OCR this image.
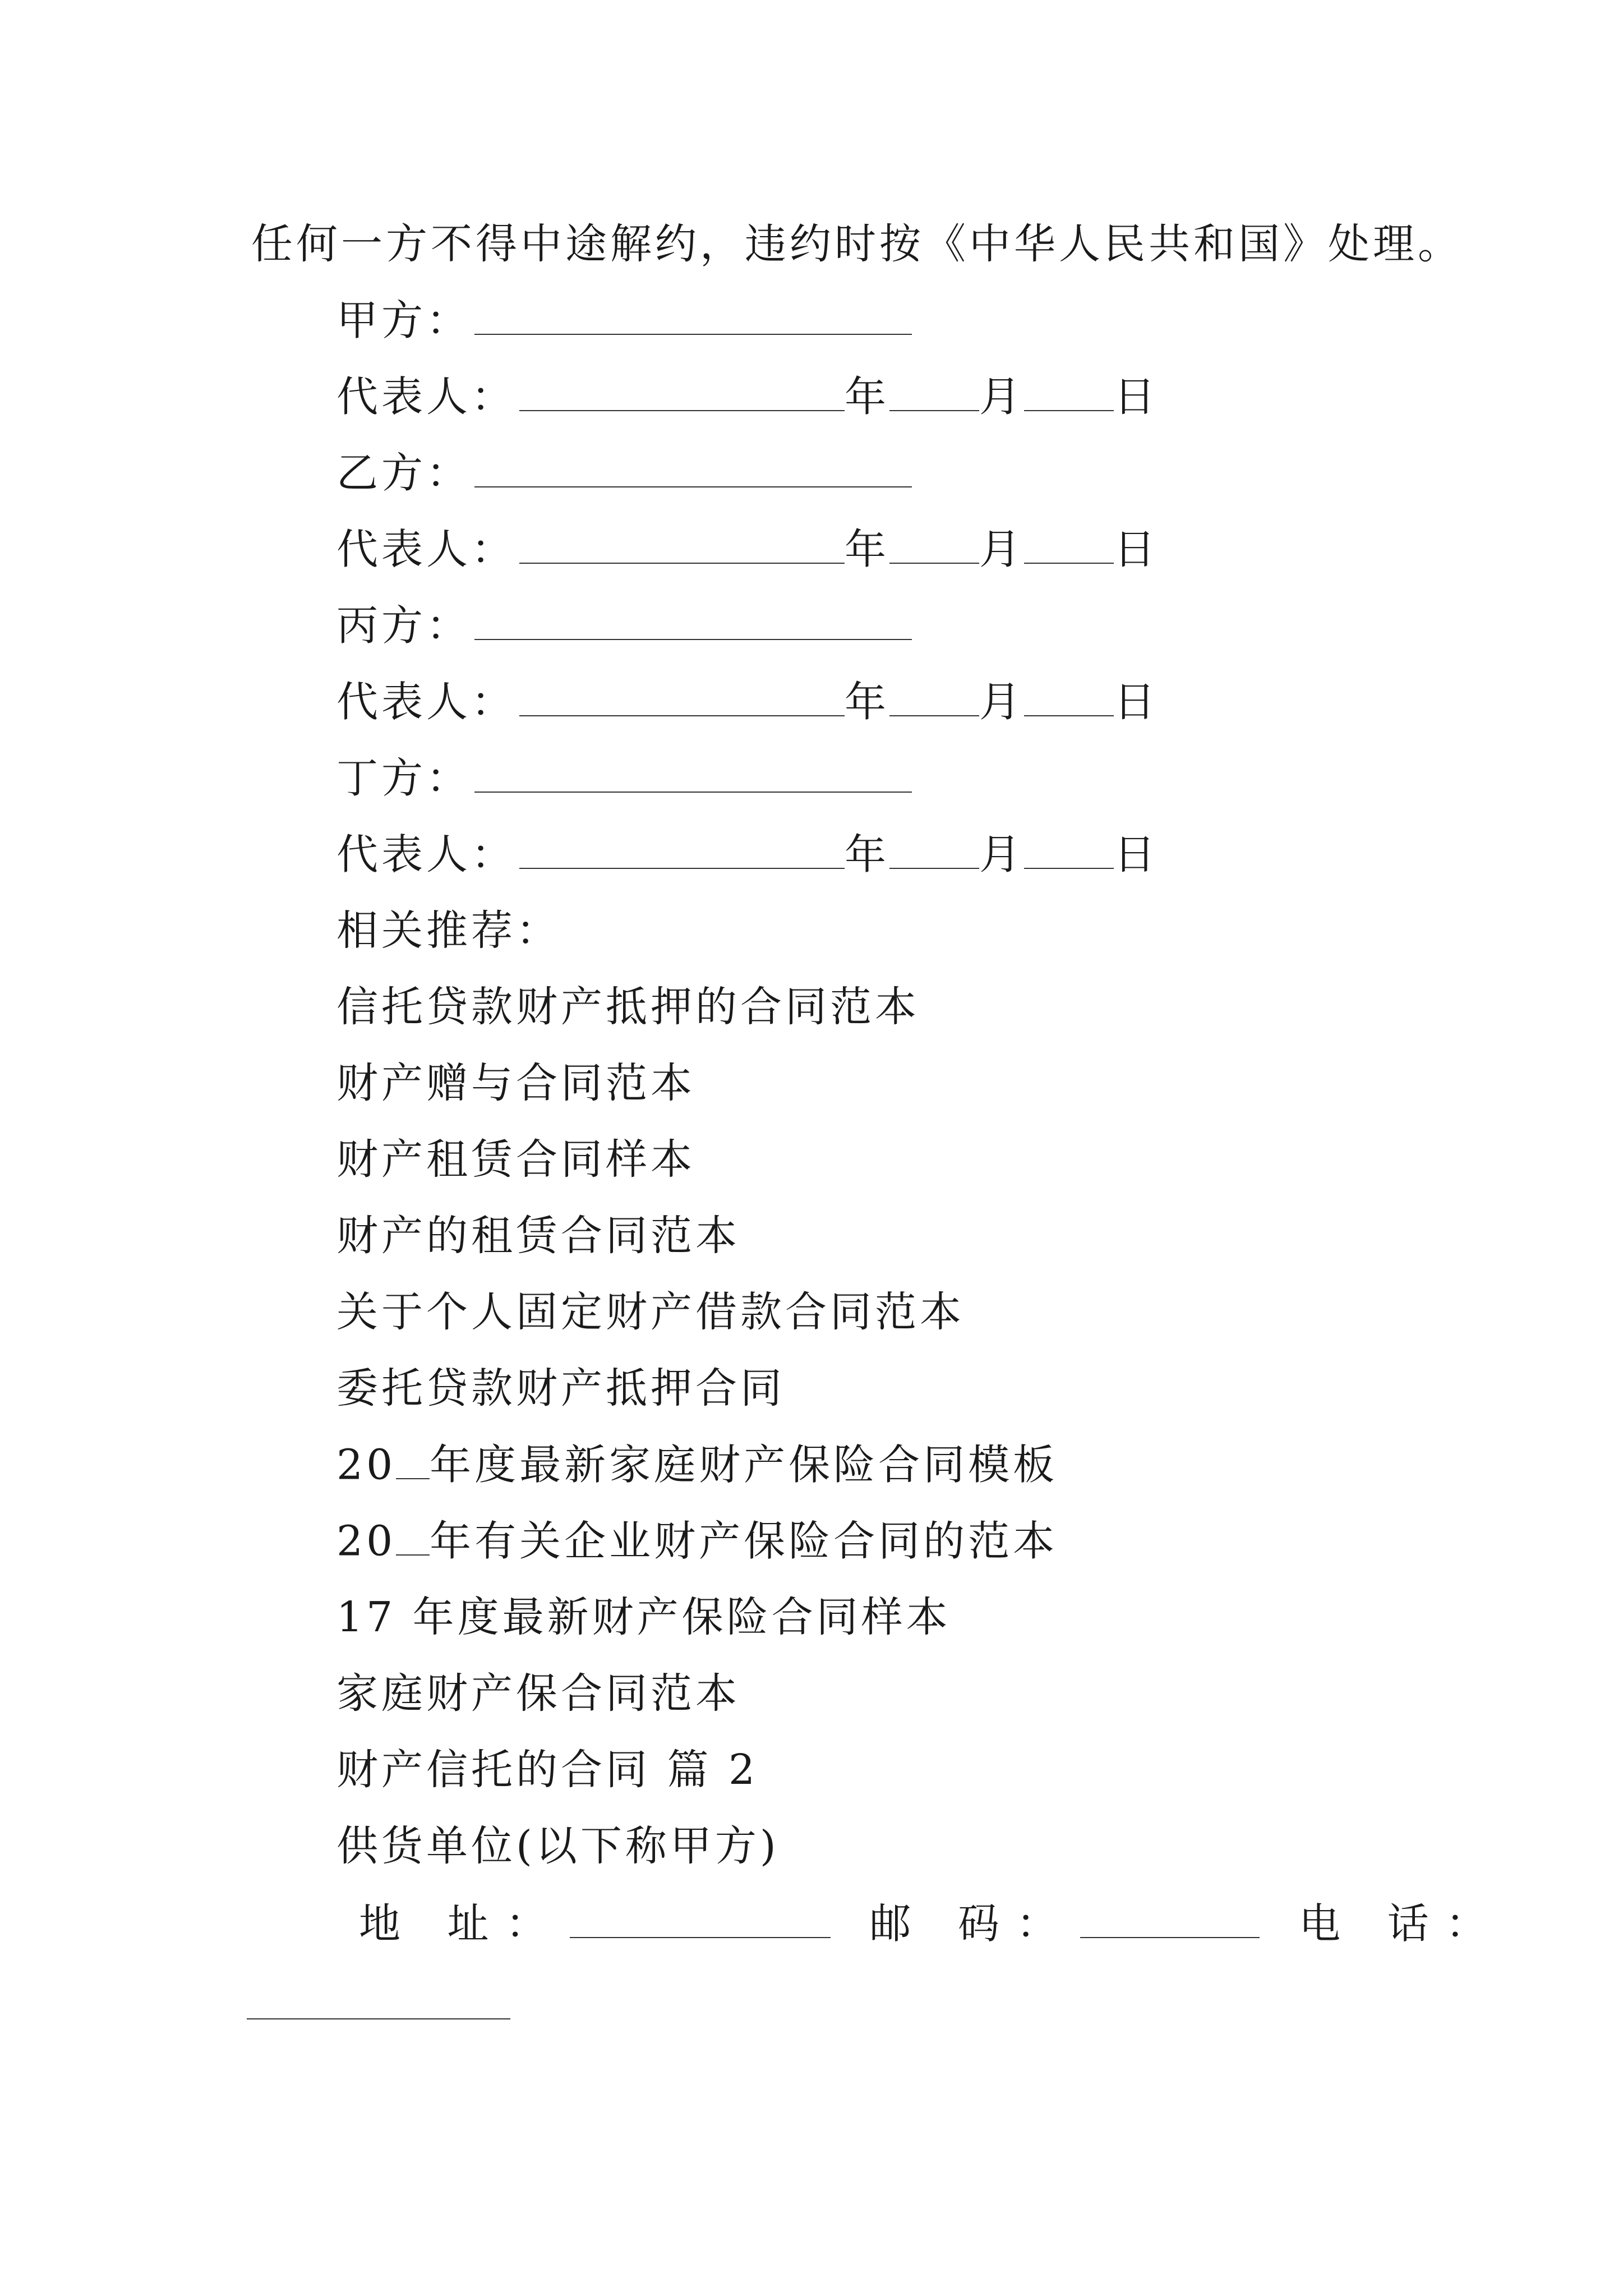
任何一方不得中途解约，违约时按《中华人民共和国》处理。
甲方：
代表人：	年 月 日
乙方：
代表人：	年 月 日
丙方：
代表人：	年 月 日
丁方：
代表人：	年 月 日
相关推荐：
信托贷款财产抵押的合同范本
财产赠与合同范本
财产租赁合同样本
财产的租赁合同范本
关于个人固定财产借款合同范本
委托贷款财产抵押合同
20 年度最新家庭财产保险合同模板
20 年有关企业财产保险合同的范本
17 年度最新财产保险合同样本
家庭财产保合同范本
财产信托的合同 篇 2
供货单位(以下称甲方)
地 址：	邮 码：	电 话：
